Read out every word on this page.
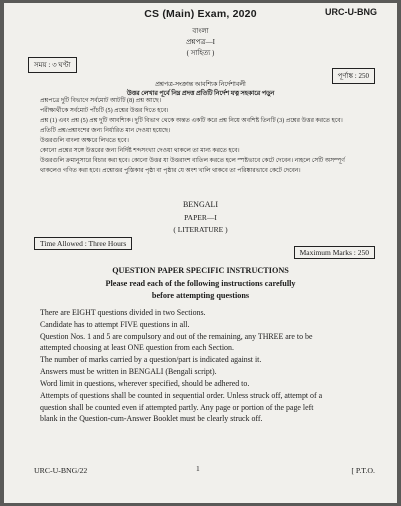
CS (Main) Exam, 2020	URC-U-BNG
বাংলা
প্রশ্নপত্র—I
( সাহিত্য )
সময় : ৩ ঘণ্টা
পূর্ণাঙ্ক : 250
প্রশ্নপত্র-সংক্রান্ত আবশ্যিক নির্দেশাবলী
উত্তর লেখার পূর্বে নিম্ন প্রদত্ত প্রতিটি নির্দেশ যত্ন সহকারে পড়ুন
প্রশ্নপত্রে দুটি বিভাগে সর্বমোট আটটি (8) প্রশ্ন আছে।
পরীক্ষার্থীকে সর্বমোট পাঁচটি (5) প্রশ্নের উত্তর দিতে হবে।
প্রশ্ন (1) এবং প্রশ্ন (5) প্রশ্ন দুটি আবশ্যিক। দুটি বিভাগ থেকে অন্তত একটি করে প্রশ্ন নিয়ে অবশিষ্ট তিনটি (3) প্রশ্নের উত্তর করতে হবে।
প্রতিটি প্রশ্ন/প্রশ্নাংশের জন্য নির্ধারিত মান দেওয়া হয়েছে।
উত্তরগুলি বাংলা অক্ষরে লিখতে হবে।
কোনো প্রশ্নের সঙ্গে উত্তরের জন্য নির্দিষ্ট শব্দসংখ্যা দেওয়া থাকলে তা মান্য করতে হবে।
উত্তরগুলি ক্রমানুসারে বিচার করা হবে। কোনো উত্তর যা উত্তরাংশ বাতিল করতে হলে স্পষ্টভাবে কেটে দেবেন। নাহলে সেটি অসম্পূর্ণ
থাকলেও গণিত করা হবে। প্রশ্নোত্তর পুস্তিকার পৃষ্ঠা বা পৃষ্ঠার যে অংশ খালি থাকবে তা পরিষ্কারভাবে কেটে দেবেন।
BENGALI
PAPER—I
( LITERATURE )
Time Allowed : Three Hours
Maximum Marks : 250
QUESTION PAPER SPECIFIC INSTRUCTIONS
Please read each of the following instructions carefully
before attempting questions
There are EIGHT questions divided in two Sections.
Candidate has to attempt FIVE questions in all.
Question Nos. 1 and 5 are compulsory and out of the remaining, any THREE are to be
attempted choosing at least ONE question from each Section.
The number of marks carried by a question/part is indicated against it.
Answers must be written in BENGALI (Bengali script).
Word limit in questions, wherever specified, should be adhered to.
Attempts of questions shall be counted in sequential order. Unless struck off, attempt of a
question shall be counted even if attempted partly. Any page or portion of the page left
blank in the Question-cum-Answer Booklet must be clearly struck off.
URC-U-BNG/22	1	[ P.T.O.
